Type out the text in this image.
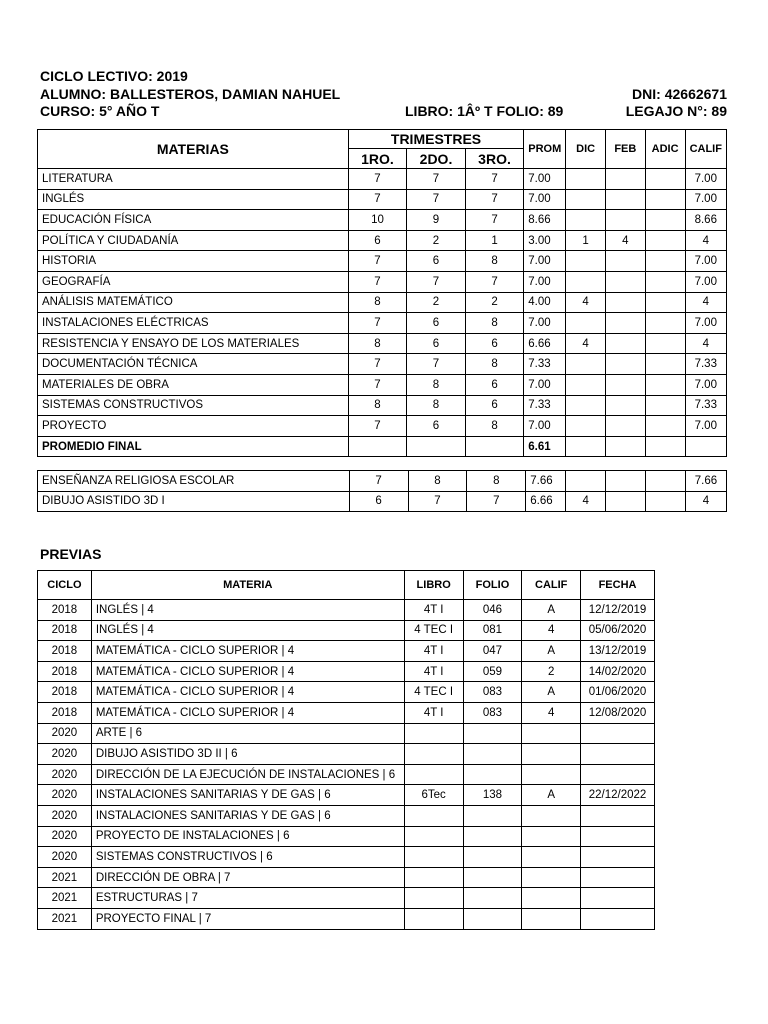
CICLO LECTIVO: 2019
ALUMNO: BALLESTEROS, DAMIAN NAHUEL	DNI: 42662671
CURSO: 5° AÑO T	LIBRO: 1Âº T FOLIO: 89	LEGAJO N°: 89
MATERIAS	TRIMESTRES			PROM	DIC	FEB	ADIC	CALIF
	1RO.	2DO.	3RO.					
LITERATURA	7	7	7	7.00				7.00
INGLÉS	7	7	7	7.00				7.00
EDUCACIÓN FÍSICA	10	9	7	8.66				8.66
POLÍTICA Y CIUDADANÍA	6	2	1	3.00	1	4		4
HISTORIA	7	6	8	7.00				7.00
GEOGRAFÍA	7	7	7	7.00				7.00
ANÁLISIS MATEMÁTICO	8	2	2	4.00	4			4
INSTALACIONES ELÉCTRICAS	7	6	8	7.00				7.00
RESISTENCIA Y ENSAYO DE LOS MATERIALES	8	6	6	6.66	4			4
DOCUMENTACIÓN TÉCNICA	7	7	8	7.33				7.33
MATERIALES DE OBRA	7	8	6	7.00				7.00
SISTEMAS CONSTRUCTIVOS	8	8	6	7.33				7.33
PROYECTO	7	6	8	7.00				7.00
PROMEDIO FINAL				6.61				
ENSEÑANZA RELIGIOSA ESCOLAR	7	8	8	7.66				7.66
DIBUJO ASISTIDO 3D I	6	7	7	6.66	4			4
PREVIAS
CICLO	MATERIA	LIBRO	FOLIO	CALIF	FECHA
2018	INGLÉS | 4	4T I	046	A	12/12/2019
2018	INGLÉS | 4	4 TEC I	081	4	05/06/2020
2018	MATEMÁTICA - CICLO SUPERIOR | 4	4T I	047	A	13/12/2019
2018	MATEMÁTICA - CICLO SUPERIOR | 4	4T I	059	2	14/02/2020
2018	MATEMÁTICA - CICLO SUPERIOR | 4	4 TEC I	083	A	01/06/2020
2018	MATEMÁTICA - CICLO SUPERIOR | 4	4T I	083	4	12/08/2020
2020	ARTE | 6				
2020	DIBUJO ASISTIDO 3D II | 6				
2020	DIRECCIÓN DE LA EJECUCIÓN DE INSTALACIONES | 6				
2020	INSTALACIONES SANITARIAS Y DE GAS | 6	6Tec	138	A	22/12/2022
2020	INSTALACIONES SANITARIAS Y DE GAS | 6				
2020	PROYECTO DE INSTALACIONES | 6				
2020	SISTEMAS CONSTRUCTIVOS | 6				
2021	DIRECCIÓN DE OBRA | 7				
2021	ESTRUCTURAS | 7				
2021	PROYECTO FINAL | 7				
